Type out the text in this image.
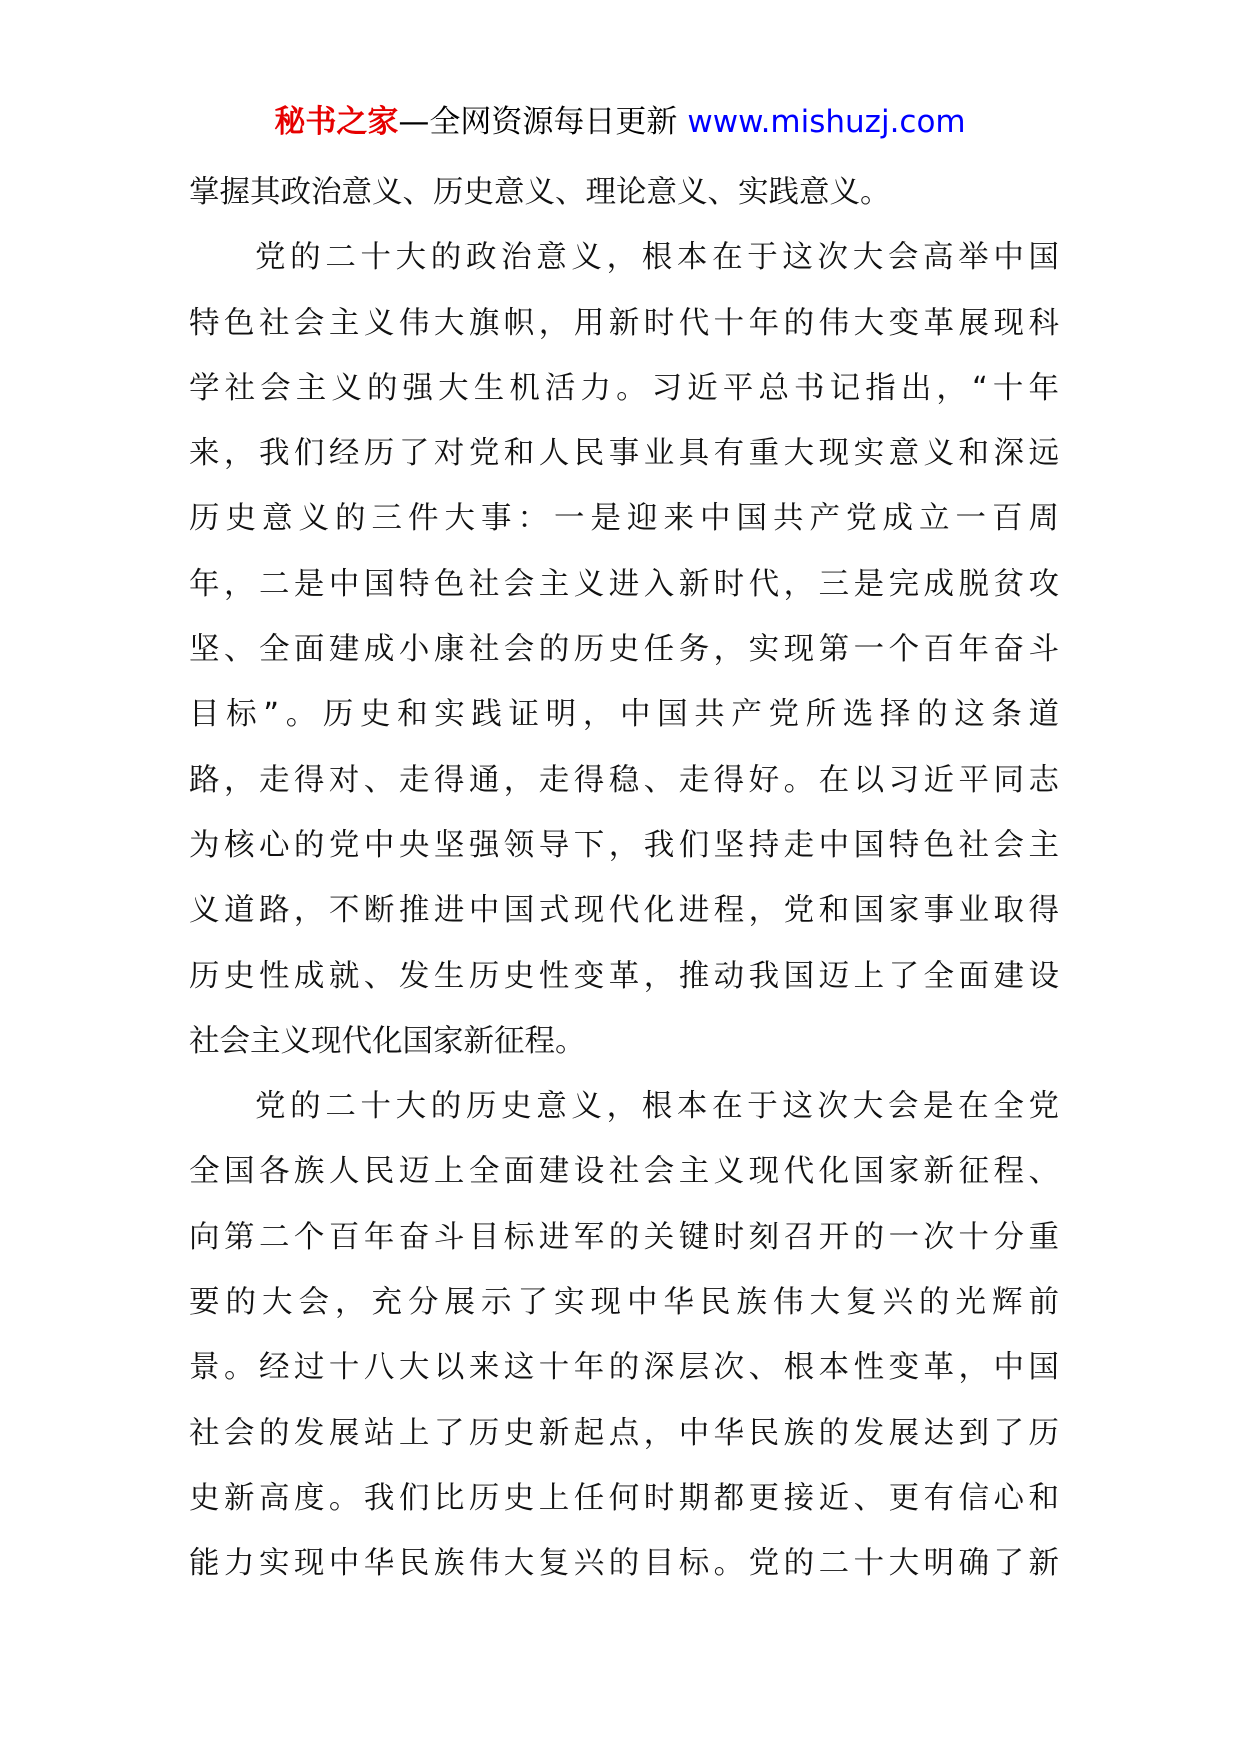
秘书之家—全网资源每日更新 www.mishuzj.com
掌握其政治意义、历史意义、理论意义、实践意义。
党的二十大的政治意义，根本在于这次大会高举中国
特色社会主义伟大旗帜，用新时代十年的伟大变革展现科
学社会主义的强大生机活力。习近平总书记指出，“十年
来，我们经历了对党和人民事业具有重大现实意义和深远
历史意义的三件大事：一是迎来中国共产党成立一百周
年，二是中国特色社会主义进入新时代，三是完成脱贫攻
坚、全面建成小康社会的历史任务，实现第一个百年奋斗
目标”。历史和实践证明，中国共产党所选择的这条道
路，走得对、走得通，走得稳、走得好。在以习近平同志
为核心的党中央坚强领导下，我们坚持走中国特色社会主
义道路，不断推进中国式现代化进程，党和国家事业取得
历史性成就、发生历史性变革，推动我国迈上了全面建设
社会主义现代化国家新征程。
党的二十大的历史意义，根本在于这次大会是在全党
全国各族人民迈上全面建设社会主义现代化国家新征程、
向第二个百年奋斗目标进军的关键时刻召开的一次十分重
要的大会，充分展示了实现中华民族伟大复兴的光辉前
景。经过十八大以来这十年的深层次、根本性变革，中国
社会的发展站上了历史新起点，中华民族的发展达到了历
史新高度。我们比历史上任何时期都更接近、更有信心和
能力实现中华民族伟大复兴的目标。党的二十大明确了新
